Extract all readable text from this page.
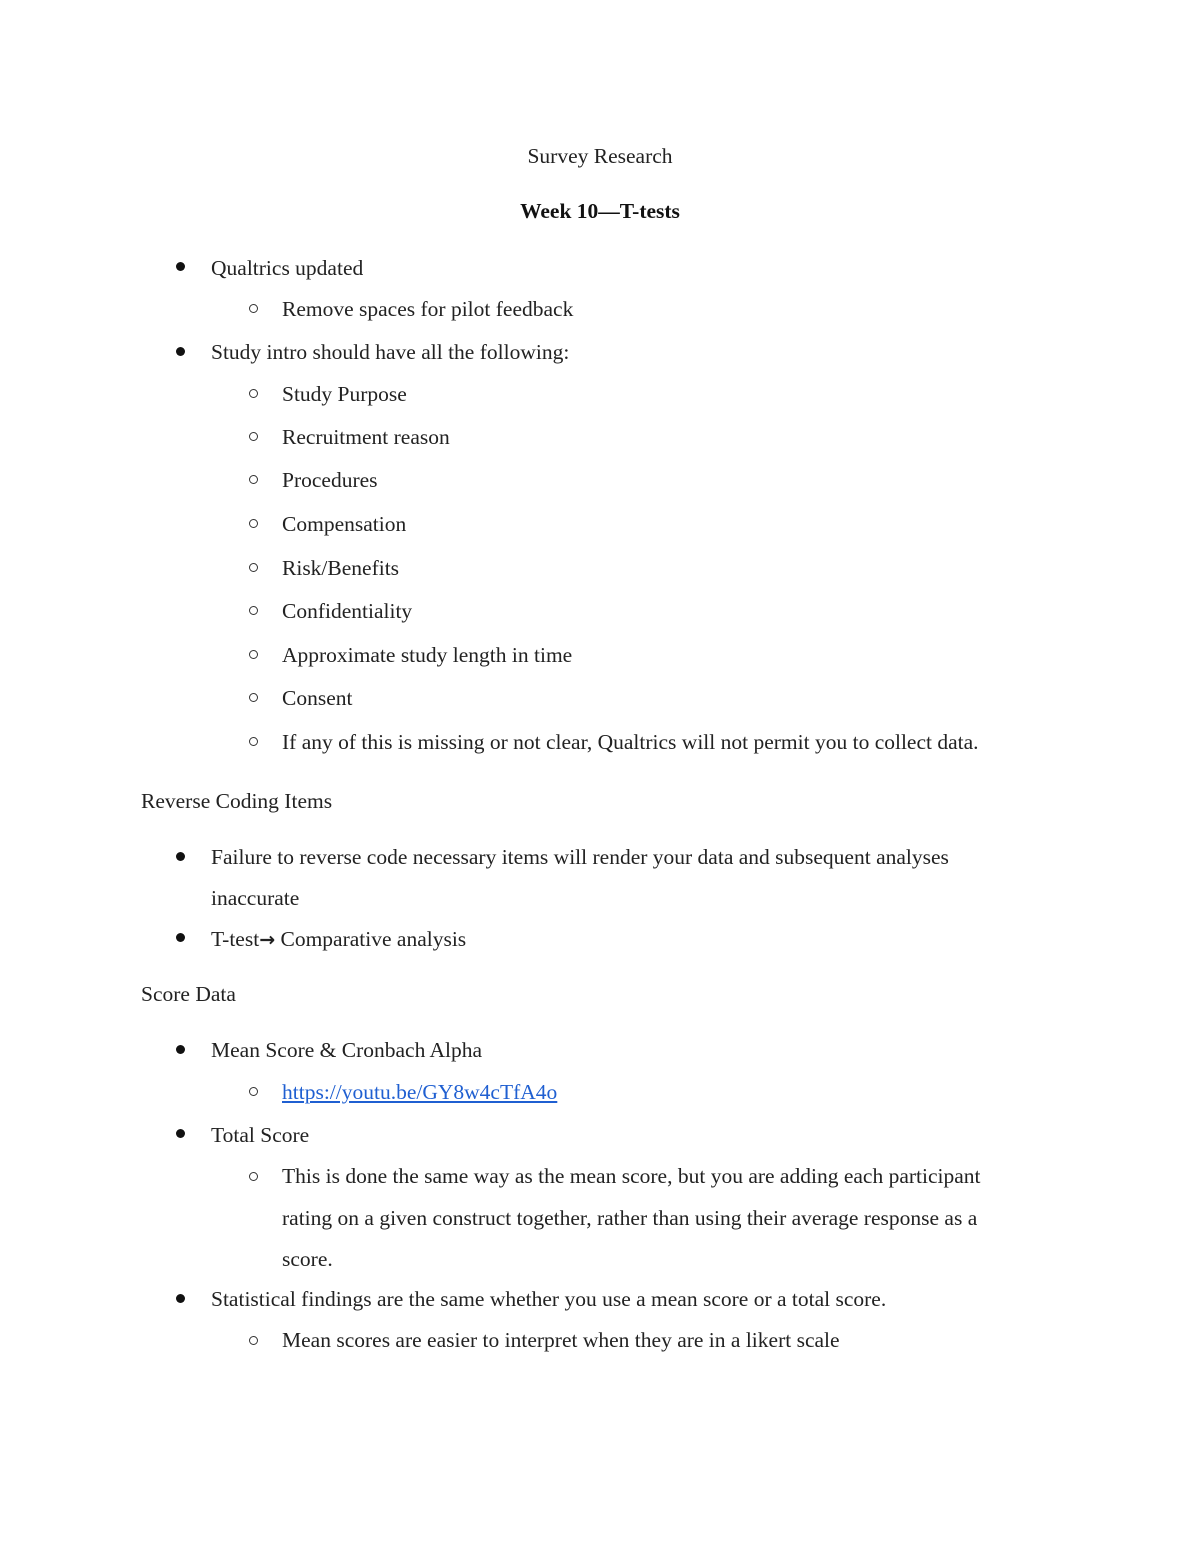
Survey Research
Week 10—T-tests
Qualtrics updated
Remove spaces for pilot feedback
Study intro should have all the following:
Study Purpose
Recruitment reason
Procedures
Compensation
Risk/Benefits
Confidentiality
Approximate study length in time
Consent
If any of this is missing or not clear, Qualtrics will not permit you to collect data.
Reverse Coding Items
Failure to reverse code necessary items will render your data and subsequent analyses
inaccurate
T-test→ Comparative analysis
Score Data
Mean Score & Cronbach Alpha
https://youtu.be/GY8w4cTfA4o
Total Score
This is done the same way as the mean score, but you are adding each participant
rating on a given construct together, rather than using their average response as a
score.
Statistical findings are the same whether you use a mean score or a total score.
Mean scores are easier to interpret when they are in a likert scale
